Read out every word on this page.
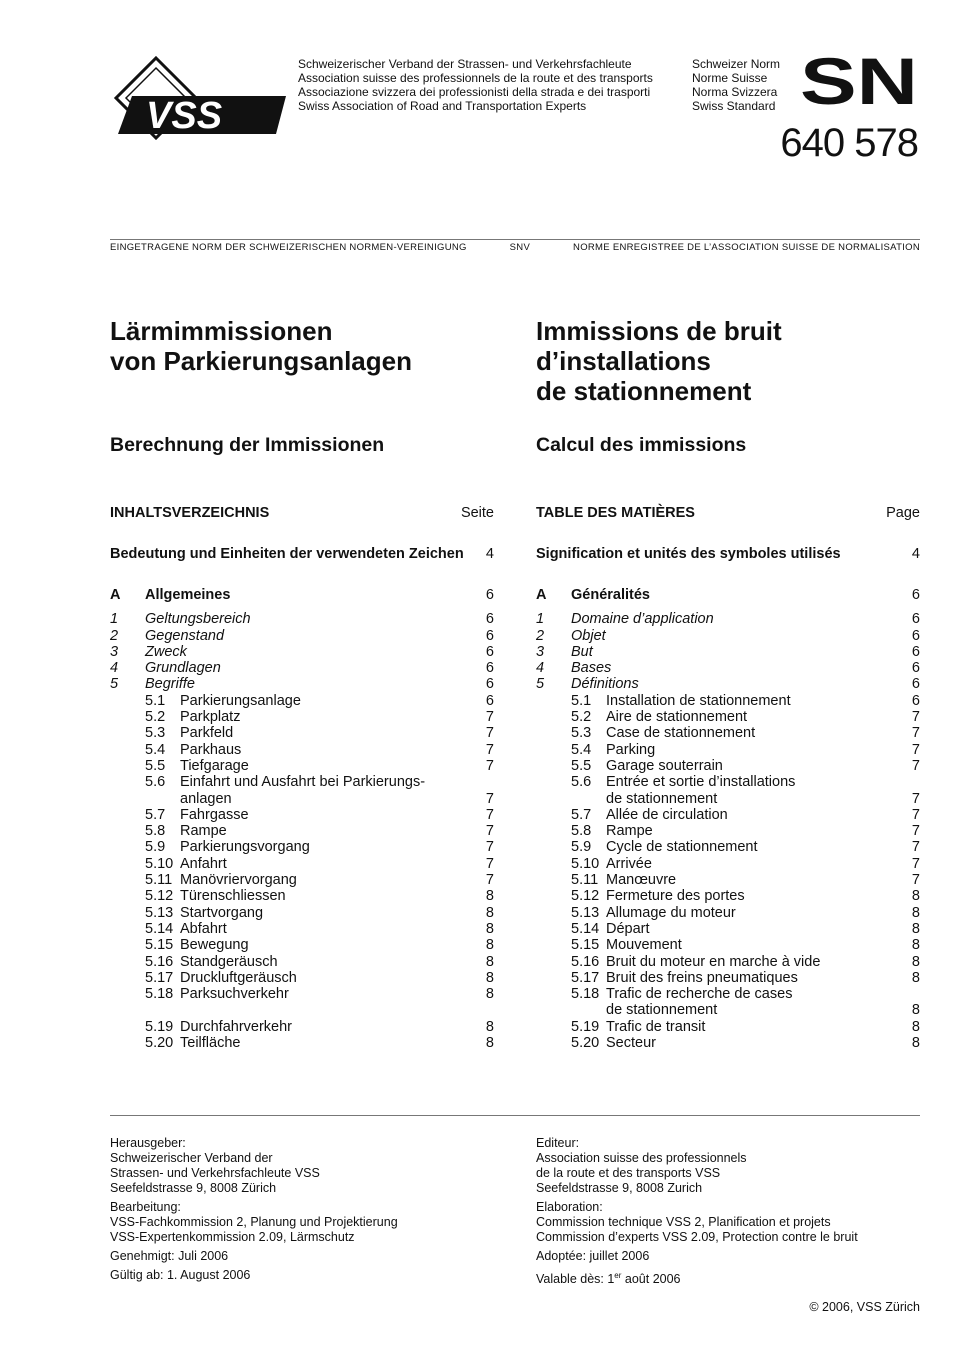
VSS
Schweizerischer Verband der Strassen- und Verkehrsfachleute
Association suisse des professionnels de la route et des transports
Associazione svizzera dei professionisti della strada e dei trasporti
Swiss Association of Road and Transportation Experts
Schweizer Norm
Norme Suisse
Norma Svizzera
Swiss Standard SN
640 578
EINGETRAGENE NORM DER SCHWEIZERISCHEN NORMEN-VEREINIGUNG	SNV	NORME ENREGISTREE DE L’ASSOCIATION SUISSE DE NORMALISATION
Lärmimmissionen
von Parkierungsanlagen
Berechnung der Immissionen
INHALTSVERZEICHNIS	Seite
Bedeutung und Einheiten der verwendeten Zeichen 4
A	Allgemeines	6
1	Geltungsbereich	6
2	Gegenstand	6
3	Zweck	6
4	Grundlagen	6
5	Begriffe	6
5.1	Parkierungsanlage	6
5.2	Parkplatz	7
5.3	Parkfeld	7
5.4	Parkhaus	7
5.5	Tiefgarage	7
5.6	Einfahrt und Ausfahrt bei Parkierungs-
anlagen	7
5.7	Fahrgasse	7
5.8	Rampe	7
5.9	Parkierungsvorgang	7
5.10 Anfahrt	7
5.11 Manövriervorgang	7
5.12 Türenschliessen	8
5.13 Startvorgang	8
5.14 Abfahrt	8
5.15 Bewegung	8
5.16 Standgeräusch	8
5.17 Druckluftgeräusch	8
5.18 Parksuchverkehr	8
5.19 Durchfahrverkehr	8
5.20 Teilfläche	8
Immissions de bruit
d’installations
de stationnement
Calcul des immissions
TABLE DES MATIÈRES	Page
Signification et unités des symboles utilisés	4
A	Généralités	6
1	Domaine d’application	6
2	Objet	6
3	But	6
4	Bases	6
5	Définitions	6
5.1	Installation de stationnement	6
5.2	Aire de stationnement	7
5.3	Case de stationnement	7
5.4	Parking	7
5.5	Garage souterrain	7
5.6	Entrée et sortie d’installations
de stationnement	7
5.7	Allée de circulation	7
5.8	Rampe	7
5.9	Cycle de stationnement	7
5.10 Arrivée	7
5.11 Manœuvre	7
5.12 Fermeture des portes	8
5.13 Allumage du moteur	8
5.14 Départ	8
5.15 Mouvement	8
5.16 Bruit du moteur en marche à vide	8
5.17 Bruit des freins pneumatiques	8
5.18 Trafic de recherche de cases
de stationnement	8
5.19 Trafic de transit	8
5.20 Secteur	8

Herausgeber:
Schweizerischer Verband der
Strassen- und Verkehrsfachleute VSS
Seefeldstrasse 9, 8008 Zürich

Bearbeitung:
VSS-Fachkommission 2, Planung und Projektierung
VSS-Expertenkommission 2.09, Lärmschutz

Genehmigt: Juli 2006

Gültig ab: 1. August 2006

Editeur:
Association suisse des professionnels
de la route et des transports VSS
Seefeldstrasse 9, 8008 Zurich

Elaboration:
Commission technique VSS 2, Planification et projets
Commission d’experts VSS 2.09, Protection contre le bruit

Adoptée: juillet 2006

Valable dès: 1er août 2006

© 2006, VSS Zürich
